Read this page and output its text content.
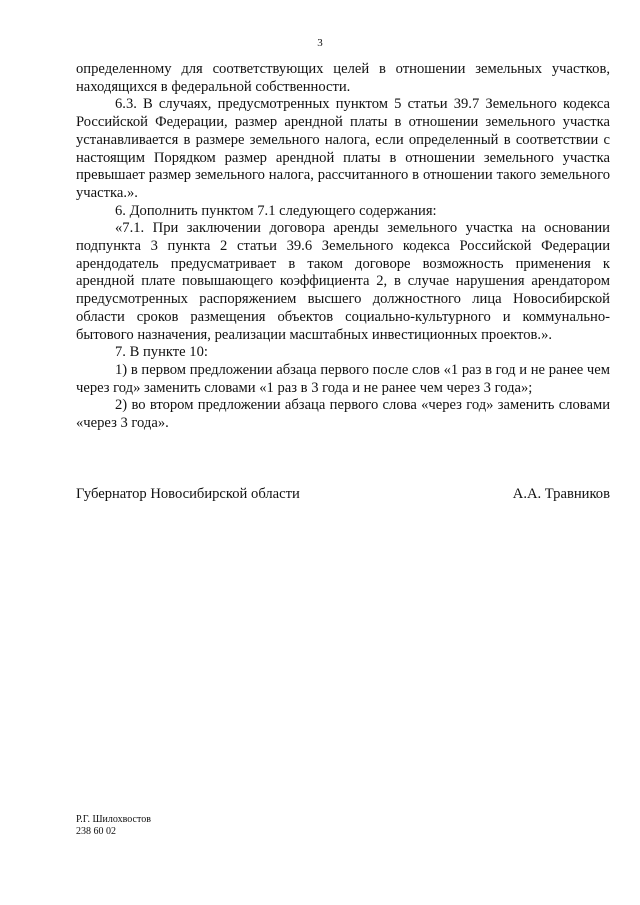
3

определенному для соответствующих целей в отношении земельных участков, находящихся в федеральной собственности.

6.3. В случаях, предусмотренных пунктом 5 статьи 39.7 Земельного кодекса Российской Федерации, размер арендной платы в отношении земельного участка устанавливается в размере земельного налога, если определенный в соответствии с настоящим Порядком размер арендной платы в отношении земельного участка превышает размер земельного налога, рассчитанного в отношении такого земельного участка.».

6. Дополнить пунктом 7.1 следующего содержания:

«7.1. При заключении договора аренды земельного участка на основании подпункта 3 пункта 2 статьи 39.6 Земельного кодекса Российской Федерации арендодатель предусматривает в таком договоре возможность применения к арендной плате повышающего коэффициента 2, в случае нарушения арендатором предусмотренных распоряжением высшего должностного лица Новосибирской области сроков размещения объектов социально-культурного и коммунально-бытового назначения, реализации масштабных инвестиционных проектов.».

7. В пункте 10:

1) в первом предложении абзаца первого после слов «1 раз в год и не ранее чем через год» заменить словами «1 раз в 3 года и не ранее чем через 3 года»;

2) во втором предложении абзаца первого слова «через год» заменить словами «через 3 года».

Губернатор Новосибирской области	А.А. Травников
Р.Г. Шилохвостов
238 60 02
